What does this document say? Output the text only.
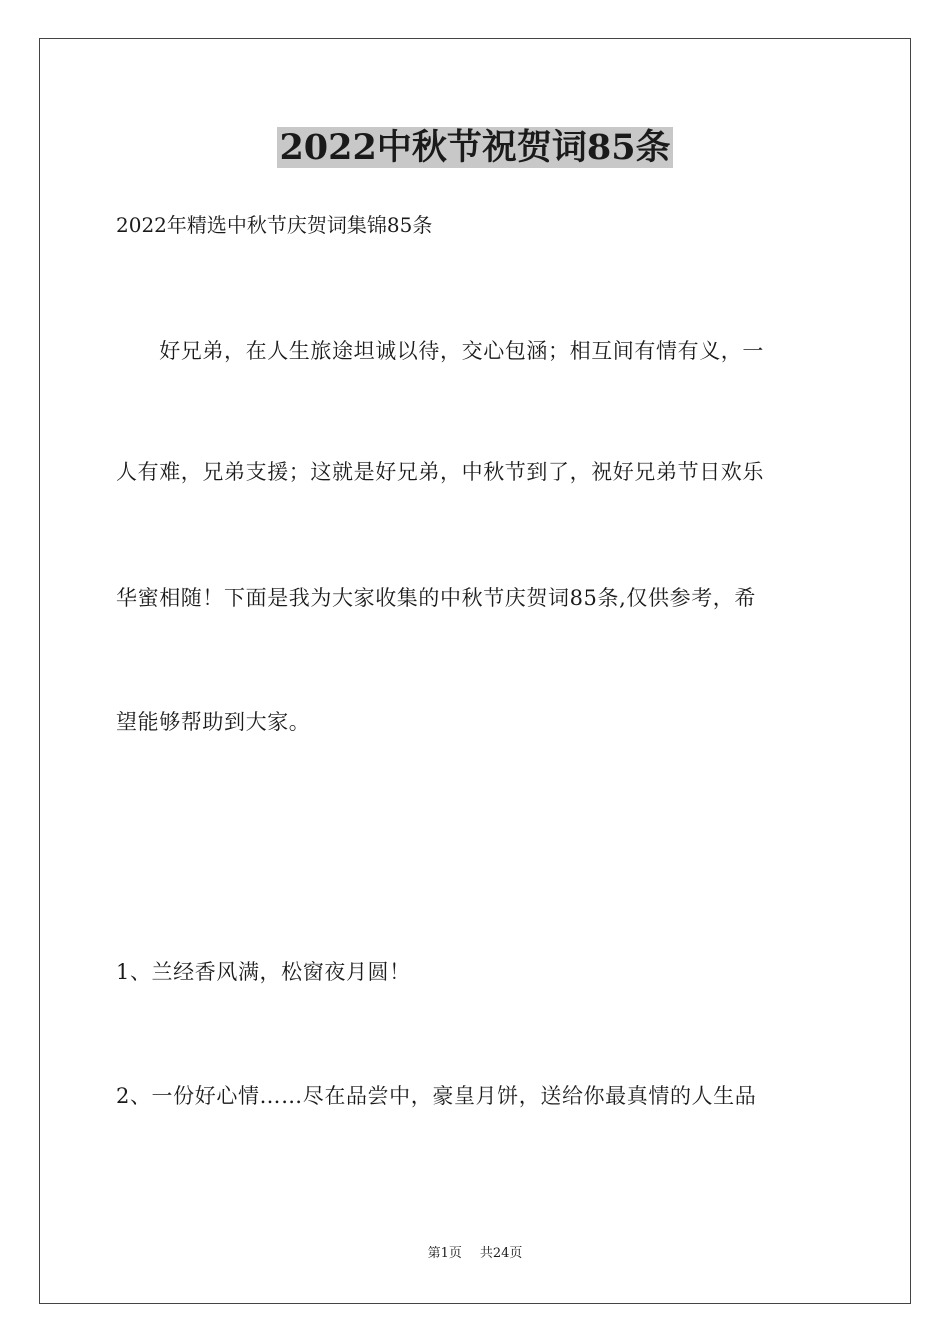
2022中秋节祝贺词85条
2022年精选中秋节庆贺词集锦85条
　　好兄弟，在人生旅途坦诚以待，交心包涵；相互间有情有义，一
人有难，兄弟支援；这就是好兄弟，中秋节到了，祝好兄弟节日欢乐
华蜜相随！下面是我为大家收集的中秋节庆贺词85条,仅供参考，希
望能够帮助到大家。
1、兰经香风满，松窗夜月圆！
2、一份好心情……尽在品尝中，豪皇月饼，送给你最真情的人生品
第1页 共24页
